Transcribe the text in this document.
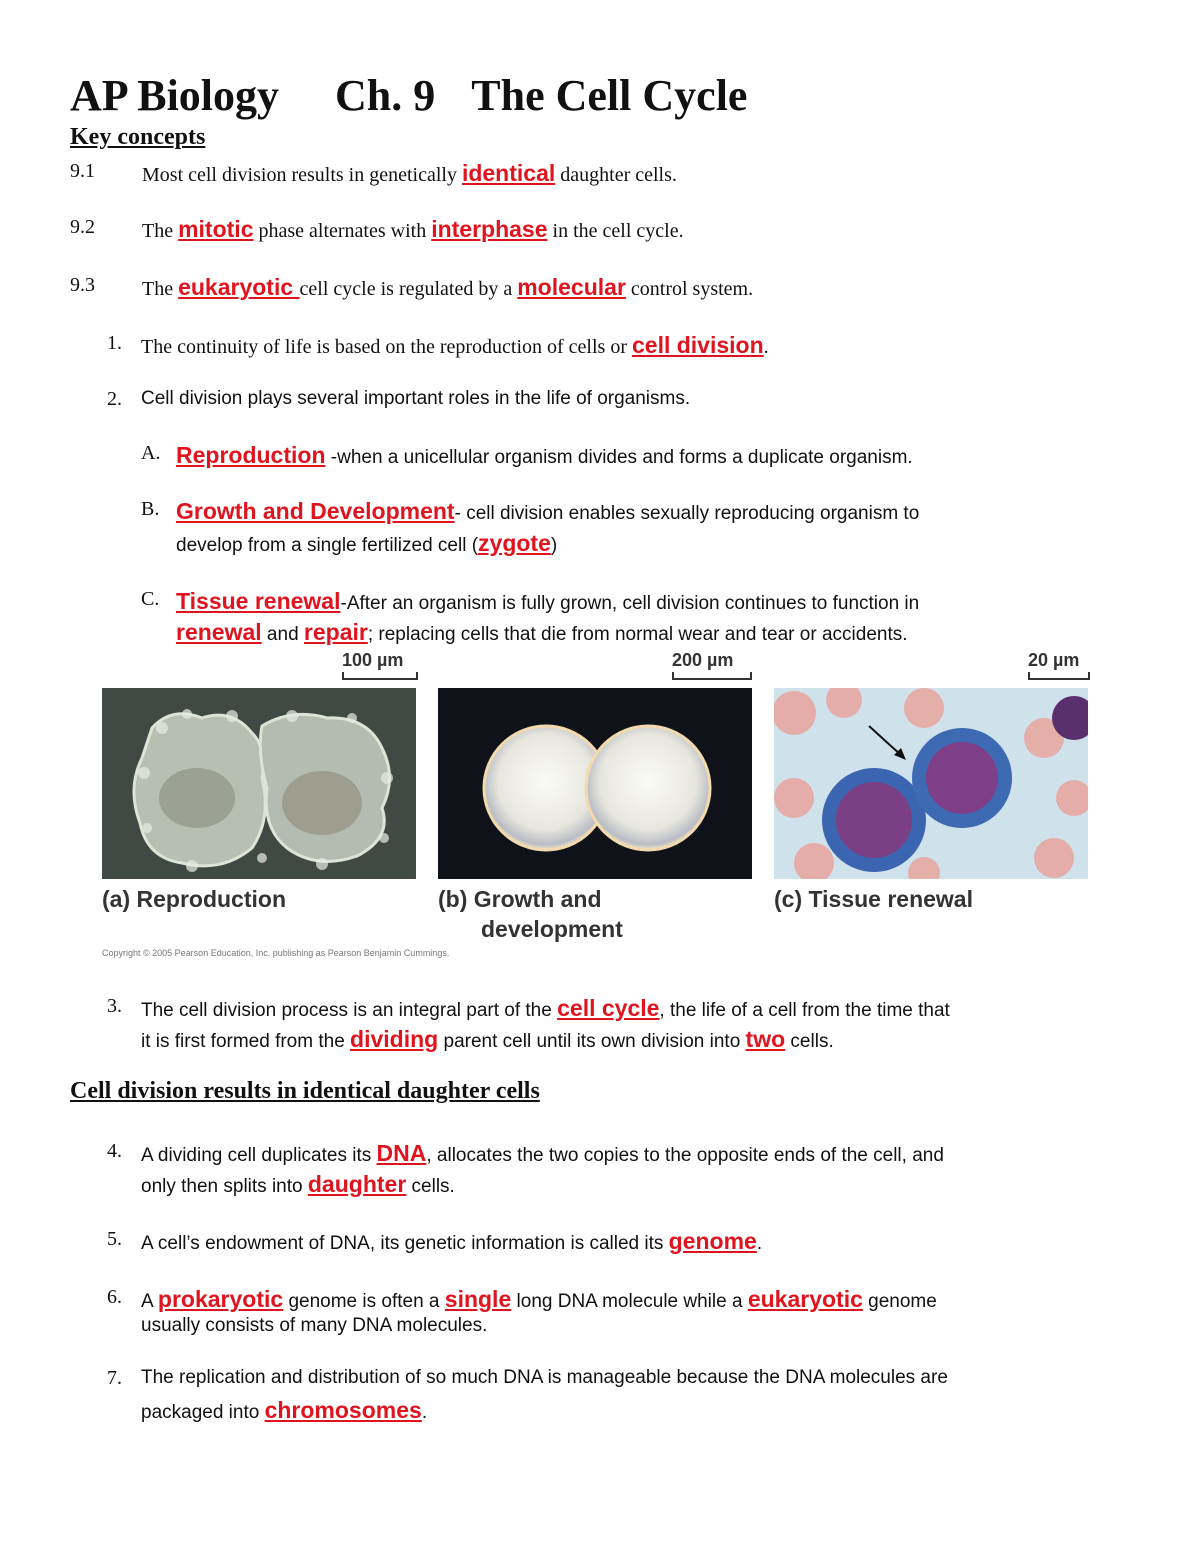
AP Biology Ch. 9 The Cell Cycle
Key concepts
9.1 Most cell division results in genetically identical daughter cells.
9.2 The mitotic phase alternates with interphase in the cell cycle.
9.3 The eukaryotic cell cycle is regulated by a molecular control system.
1. The continuity of life is based on the reproduction of cells or cell division.
2. Cell division plays several important roles in the life of organisms.
A. Reproduction -when a unicellular organism divides and forms a duplicate organism.
B. Growth and Development- cell division enables sexually reproducing organism to
develop from a single fertilized cell (zygote)
C. Tissue renewal-After an organism is fully grown, cell division continues to function in
renewal and repair; replacing cells that die from normal wear and tear or accidents.
100 µm	200 µm	20 µm
(a) Reproduction	(b) Growth and
development
(c) Tissue renewal
Copyright © 2005 Pearson Education, Inc. publishing as Pearson Benjamin Cummings.
3. The cell division process is an integral part of the cell cycle, the life of a cell from the time that
it is first formed from the dividing parent cell until its own division into two cells.
Cell division results in identical daughter cells
4. A dividing cell duplicates its DNA, allocates the two copies to the opposite ends of the cell, and
only then splits into daughter cells.
5. A cell’s endowment of DNA, its genetic information is called its genome.
6. A prokaryotic genome is often a single long DNA molecule while a eukaryotic genome
usually consists of many DNA molecules.
7. The replication and distribution of so much DNA is manageable because the DNA molecules are
packaged into chromosomes.
